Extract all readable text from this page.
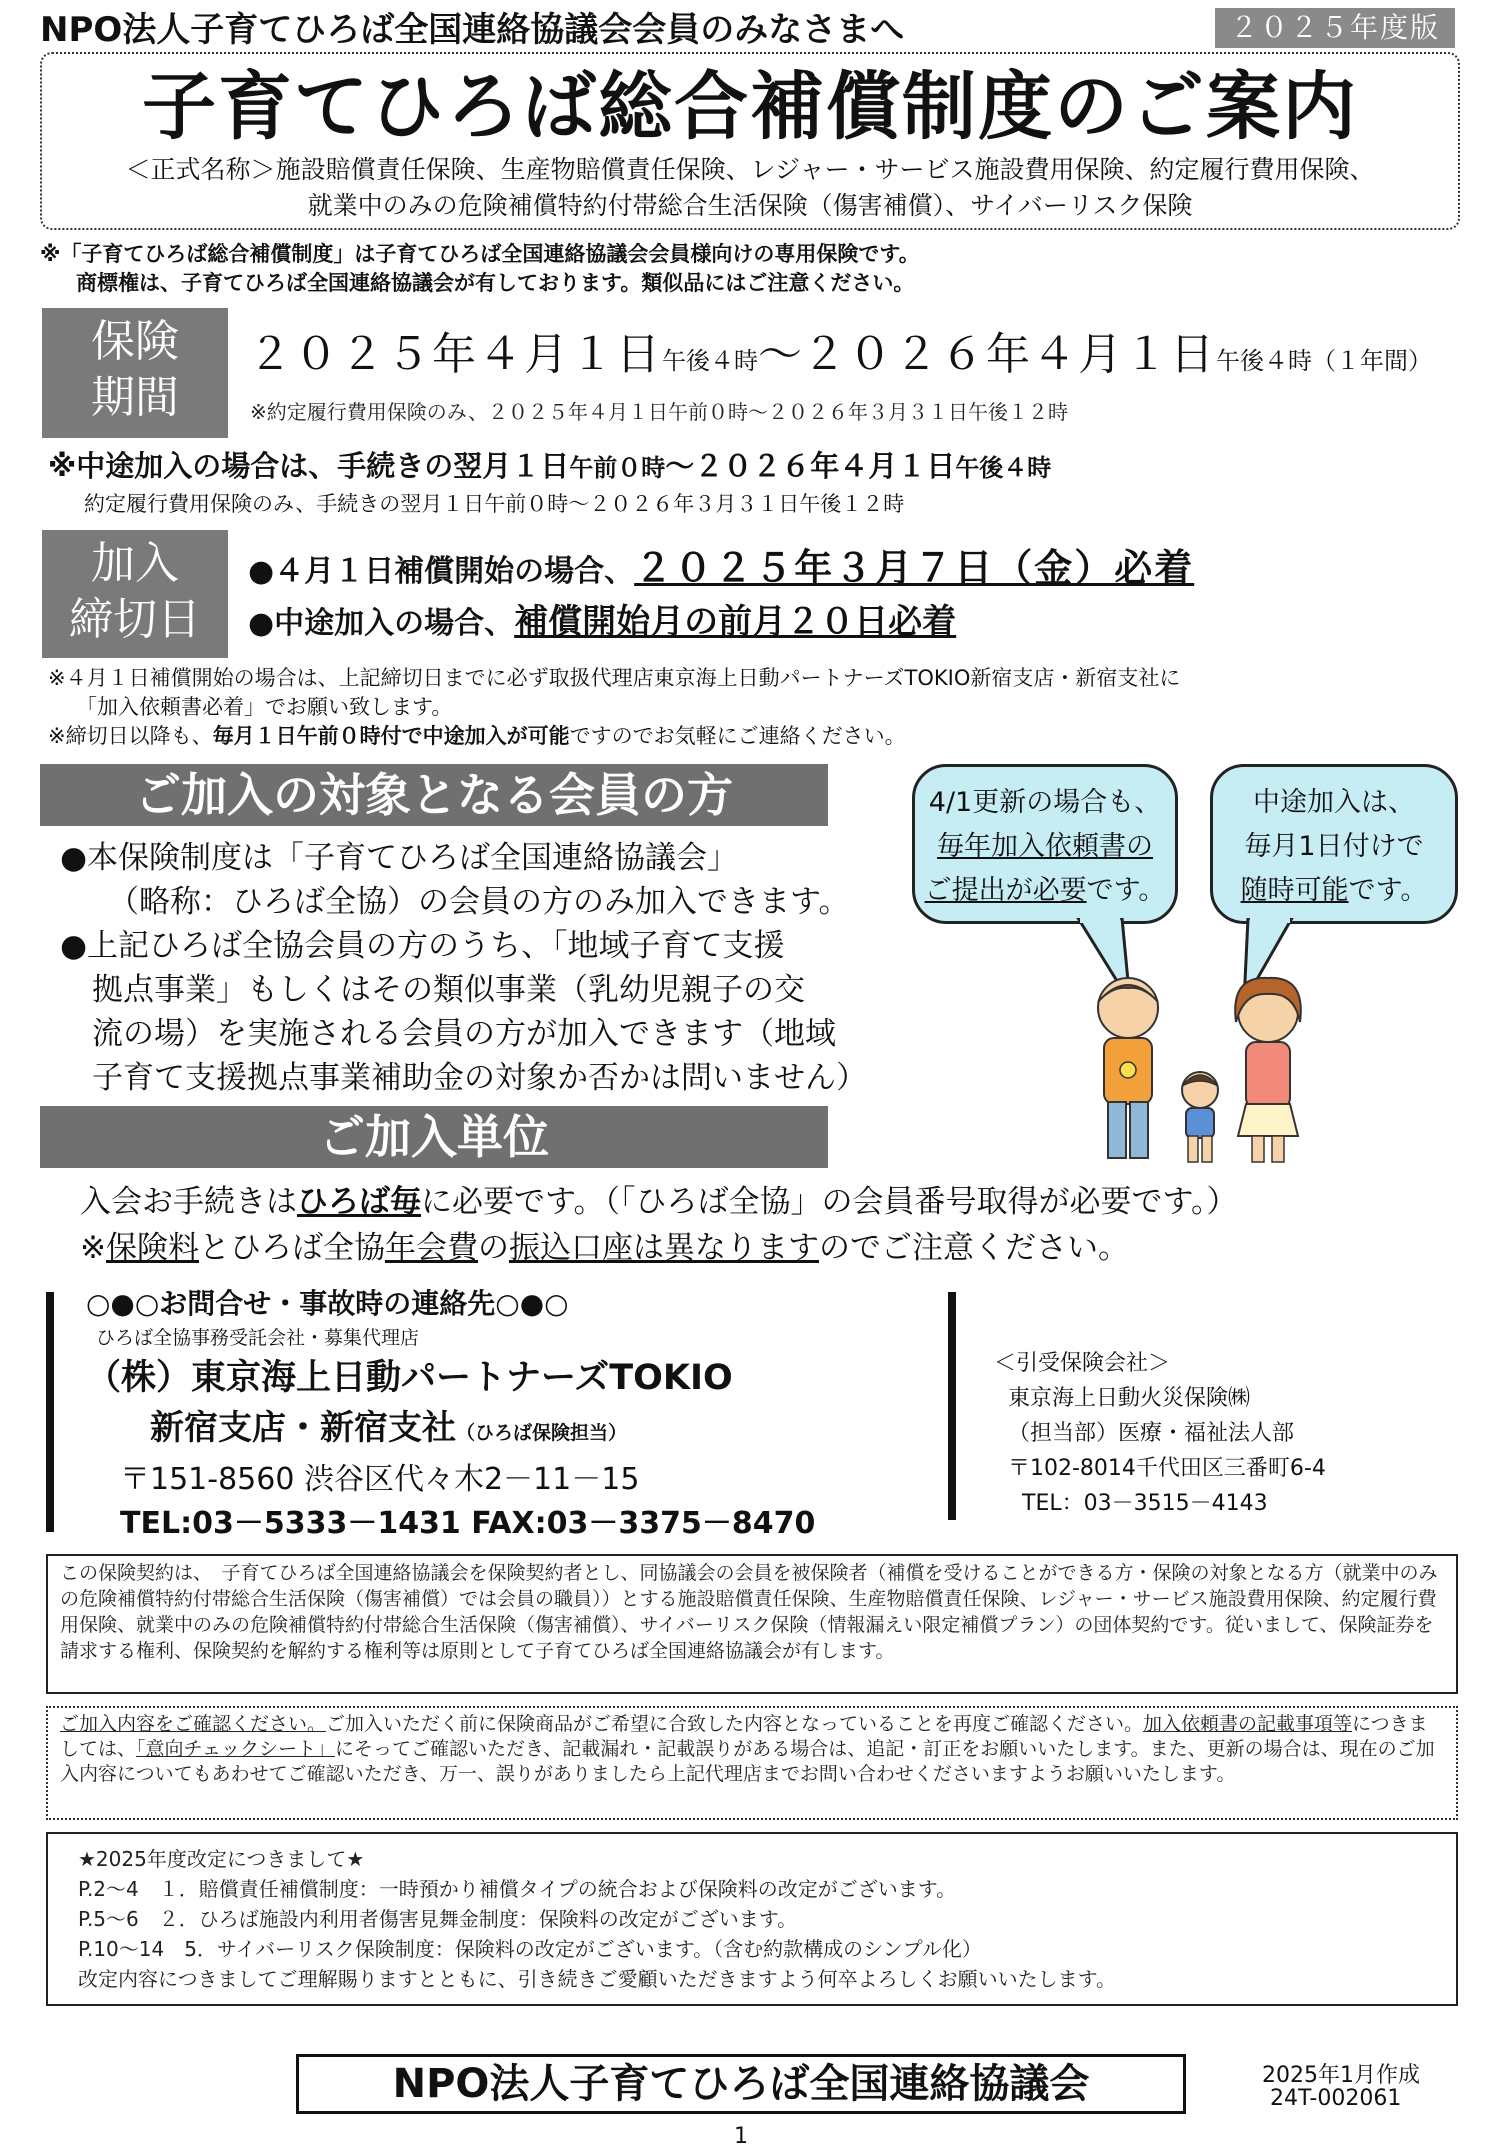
NPO法人子育てひろば全国連絡協議会会員のみなさまへ	２０２５年度版
子育てひろば総合補償制度のご案内
＜正式名称＞施設賠償責任保険、生産物賠償責任保険、レジャー・サービス施設費用保険、約定履行費用保険、
就業中のみの危険補償特約付帯総合生活保険（傷害補償）、サイバーリスク保険
※「子育てひろば総合補償制度」は子育てひろば全国連絡協議会会員様向けの専用保険です。
商標権は、子育てひろば全国連絡協議会が有しております。類似品にはご注意ください。
保険
期間
２０２５年４月１日午後４時～２０２６年４月１日午後４時（１年間）
※約定履行費用保険のみ、２０２５年４月１日午前０時～２０２６年３月３１日午後１２時
※中途加入の場合は、手続きの翌月１日午前０時～２０２６年４月１日午後４時
約定履行費用保険のみ、手続きの翌月１日午前０時～２０２６年３月３１日午後１２時
加入
締切日
●４月１日補償開始の場合、２０２５年３月７日（金）必着
●中途加入の場合、補償開始月の前月２０日必着
※４月１日補償開始の場合は、上記締切日までに必ず取扱代理店東京海上日動パートナーズTOKIO新宿支店・新宿支社に
「加入依頼書必着」でお願い致します。
※締切日以降も、毎月１日午前０時付で中途加入が可能ですのでお気軽にご連絡ください。
ご加入の対象となる会員の方
●本保険制度は「子育てひろば全国連絡協議会」
（略称：ひろば全協）の会員の方のみ加入できます。
●上記ひろば全協会員の方のうち、「地域子育て支援
拠点事業」もしくはその類似事業（乳幼児親子の交
流の場）を実施される会員の方が加入できます（地域
子育て支援拠点事業補助金の対象か否かは問いません）
4/1更新の場合も、
毎年加入依頼書の
ご提出が必要です。
中途加入は、
毎月1日付けで
随時可能です。
ご加入単位
入会お手続きはひろば毎に必要です。（「ひろば全協」の会員番号取得が必要です。）
※保険料とひろば全協年会費の振込口座は異なりますのでご注意ください。
○●○お問合せ・事故時の連絡先○●○
ひろば全協事務受託会社・募集代理店
（株）東京海上日動パートナーズTOKIO
新宿支店・新宿支社（ひろば保険担当）
〒151-8560 渋谷区代々木2－11－15
TEL:03－5333－1431 FAX:03－3375－8470
＜引受保険会社＞
東京海上日動火災保険㈱
（担当部）医療・福祉法人部
〒102-8014千代田区三番町6-4
TEL：03－3515－4143
この保険契約は、　子育てひろば全国連絡協議会を保険契約者とし、同協議会の会員を被保険者（補償を受けることができる方・保険の対象となる方（就業中のみの危険補償特約付帯総合生活保険（傷害補償）では会員の職員））とする施設賠償責任保険、生産物賠償責任保険、レジャー・サービス施設費用保険、約定履行費用保険、就業中のみの危険補償特約付帯総合生活保険（傷害補償）、サイバーリスク保険（情報漏えい限定補償プラン）の団体契約です。従いまして、保険証券を請求する権利、保険契約を解約する権利等は原則として子育てひろば全国連絡協議会が有します。
ご加入内容をご確認ください。ご加入いただく前に保険商品がご希望に合致した内容となっていることを再度ご確認ください。加入依頼書の記載事項等につきましては、「意向チェックシート」にそってご確認いただき、記載漏れ・記載誤りがある場合は、追記・訂正をお願いいたします。また、更新の場合は、現在のご加入内容についてもあわせてご確認いただき、万一、誤りがありましたら上記代理店までお問い合わせくださいますようお願いいたします。
★2025年度改定につきまして★
P.2～4　１．賠償責任補償制度：一時預かり補償タイプの統合および保険料の改定がございます。
P.5～6　２．ひろば施設内利用者傷害見舞金制度：保険料の改定がございます。
P.10～14　5．サイバーリスク保険制度：保険料の改定がございます。（含む約款構成のシンプル化）
改定内容につきましてご理解賜りますとともに、引き続きご愛顧いただきますよう何卒よろしくお願いいたします。
NPO法人子育てひろば全国連絡協議会	2025年1月作成
24T-002061
1
